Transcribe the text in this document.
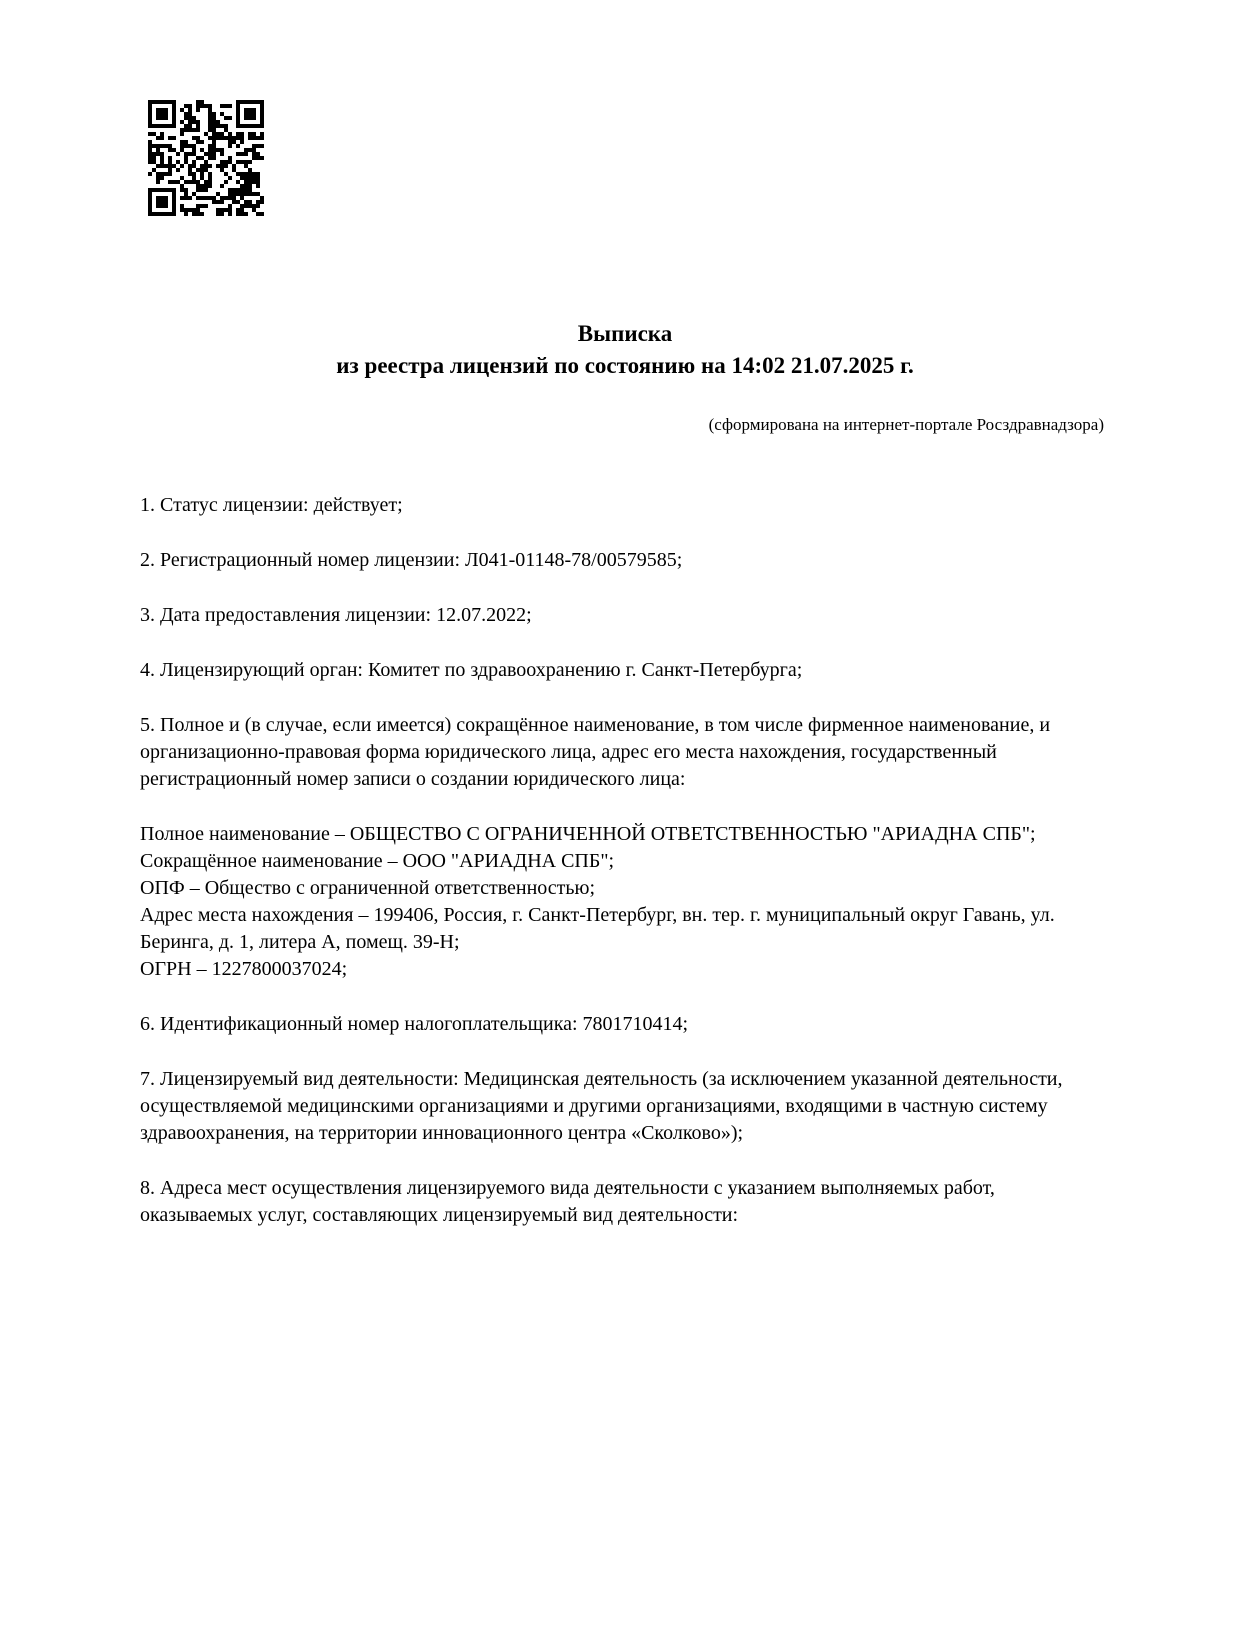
Выписка
из реестра лицензий по состоянию на 14:02 21.07.2025 г.

(сформирована на интернет-портале Росздравнадзора)

1. Статус лицензии: действует;

2. Регистрационный номер лицензии: Л041-01148-78/00579585;

3. Дата предоставления лицензии: 12.07.2022;

4. Лицензирующий орган: Комитет по здравоохранению г. Санкт-Петербурга;

5. Полное и (в случае, если имеется) сокращённое наименование, в том числе фирменное наименование, и организационно-правовая форма юридического лица, адрес его места нахождения, государственный регистрационный номер записи о создании юридического лица:

Полное наименование – ОБЩЕСТВО С ОГРАНИЧЕННОЙ ОТВЕТСТВЕННОСТЬЮ "АРИАДНА СПБ";

Сокращённое наименование – ООО "АРИАДНА СПБ";

ОПФ – Общество с ограниченной ответственностью;

Адрес места нахождения – 199406, Россия, г. Санкт-Петербург, вн. тер. г. муниципальный округ Гавань, ул. Беринга, д. 1, литера А, помещ. 39-Н;

ОГРН – 1227800037024;

6. Идентификационный номер налогоплательщика: 7801710414;

7. Лицензируемый вид деятельности: Медицинская деятельность (за исключением указанной деятельности, осуществляемой медицинскими организациями и другими организациями, входящими в частную систему здравоохранения, на территории инновационного центра «Сколково»);

8. Адреса мест осуществления лицензируемого вида деятельности с указанием выполняемых работ, оказываемых услуг, составляющих лицензируемый вид деятельности:
